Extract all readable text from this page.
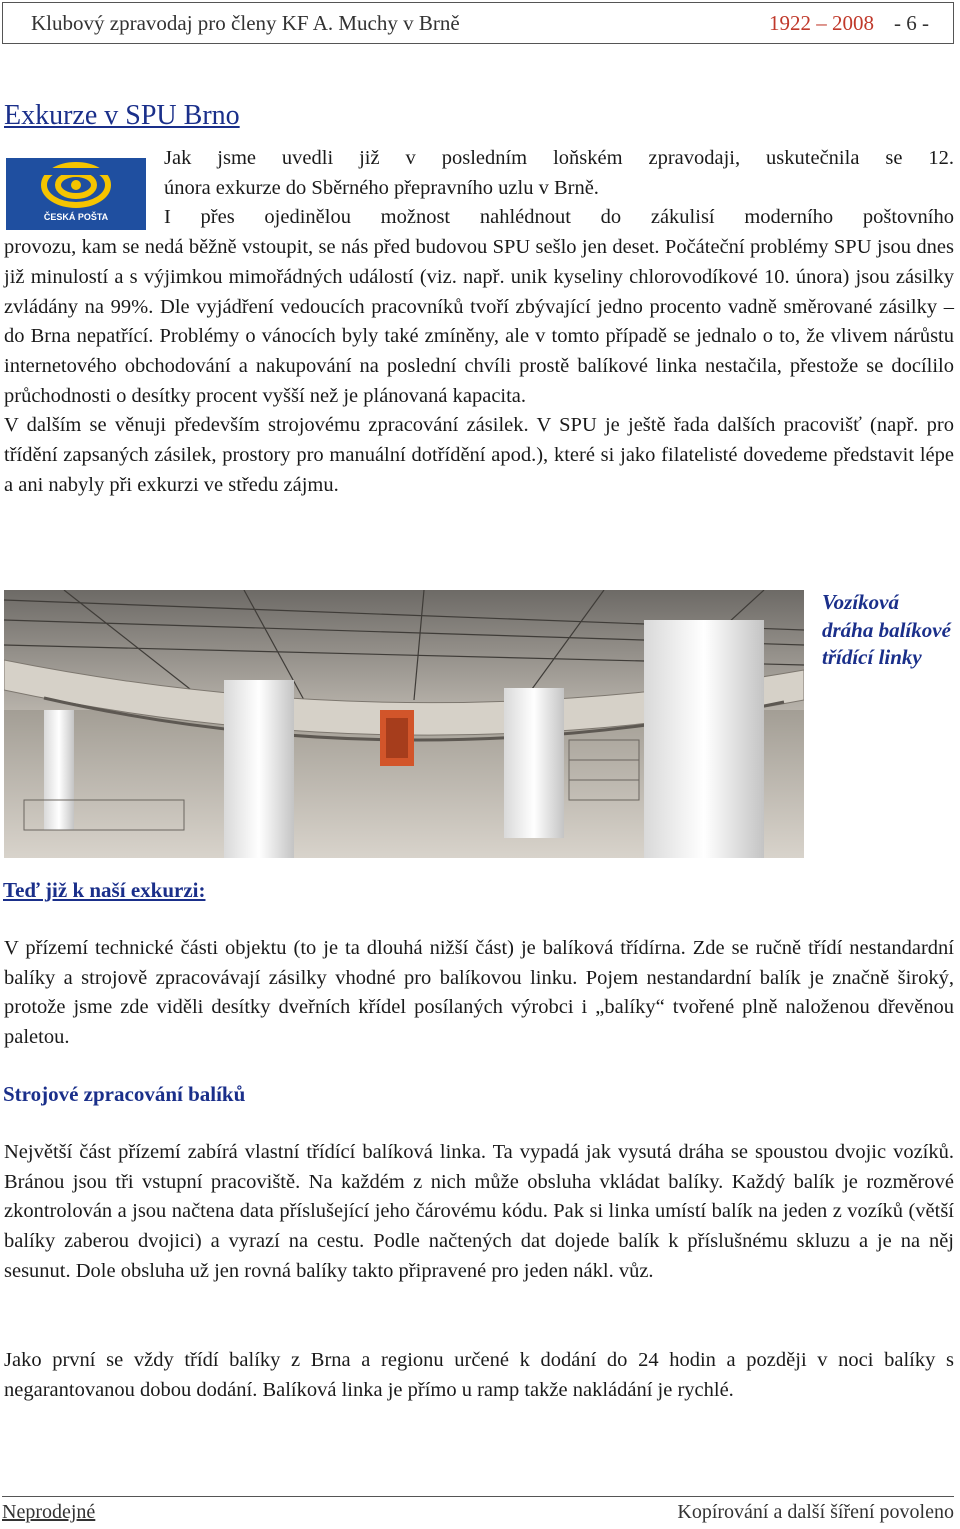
Klubový zpravodaj pro členy KF A. Muchy v Brně	1922 – 2008 - 6 -
Exkurze v SPU Brno
ČESKÁ POŠTA

Jak jsme uvedli již v posledním loňském zpravodaji, uskutečnila se 12.

února exkurze do Sběrného přepravního uzlu v Brně.

I přes ojedinělou možnost nahlédnout do zákulisí moderního poštovního

provozu, kam se nedá běžně vstoupit, se nás před budovou SPU sešlo jen deset. Počáteční problémy SPU jsou dnes již minulostí a s výjimkou mimořádných událostí (viz. např. unik kyseliny chlorovodíkové 10. února) jsou zásilky zvládány na 99%. Dle vyjádření vedoucích pracovníků tvoří zbývající jedno procento vadně směrované zásilky – do Brna nepatřící. Problémy o vánocích byly také zmíněny, ale v tomto případě se jednalo o to, že vlivem nárůstu internetového obchodování a nakupování na poslední chvíli prostě balíkové linka nestačila, přestože se docílilo průchodnosti o desítky procent vyšší než je plánovaná kapacita.

V dalším se věnuji především strojovému zpracování zásilek. V SPU je ještě řada dalších pracovišť (např. pro třídění zapsaných zásilek, prostory pro manuální dotřídění apod.), které si jako filatelisté dovedeme představit lépe a ani nabyly při exkurzi ve středu zájmu.

Vozíková dráha balíkové třídící linky
Teď již k naší exkurzi:

V přízemí technické části objektu (to je ta dlouhá nižší část) je balíková třídírna. Zde se ručně třídí nestandardní balíky a strojově zpracovávají zásilky vhodné pro balíkovou linku. Pojem nestandardní balík je značně široký, protože jsme zde viděli desítky dveřních křídel posílaných výrobci i „balíky“ tvořené plně naloženou dřevěnou paletou.

Strojové zpracování balíků

Největší část přízemí zabírá vlastní třídící balíková linka. Ta vypadá jak vysutá dráha se spoustou dvojic vozíků. Bránou jsou tři vstupní pracoviště. Na každém z nich může obsluha vkládat balíky. Každý balík je rozměrové zkontrolován a jsou načtena data příslušející jeho čárovému kódu. Pak si linka umístí balík na jeden z vozíků (větší balíky zaberou dvojici) a vyrazí na cestu. Podle načtených dat dojede balík k příslušnému skluzu a je na něj sesunut. Dole obsluha už jen rovná balíky takto připravené pro jeden nákl. vůz.

Jako první se vždy třídí balíky z Brna a regionu určené k dodání do 24 hodin a později v noci balíky s negarantovanou dobou dodání. Balíková linka je přímo u ramp takže nakládání je rychlé.

Neprodejné	Kopírování a další šíření povoleno
